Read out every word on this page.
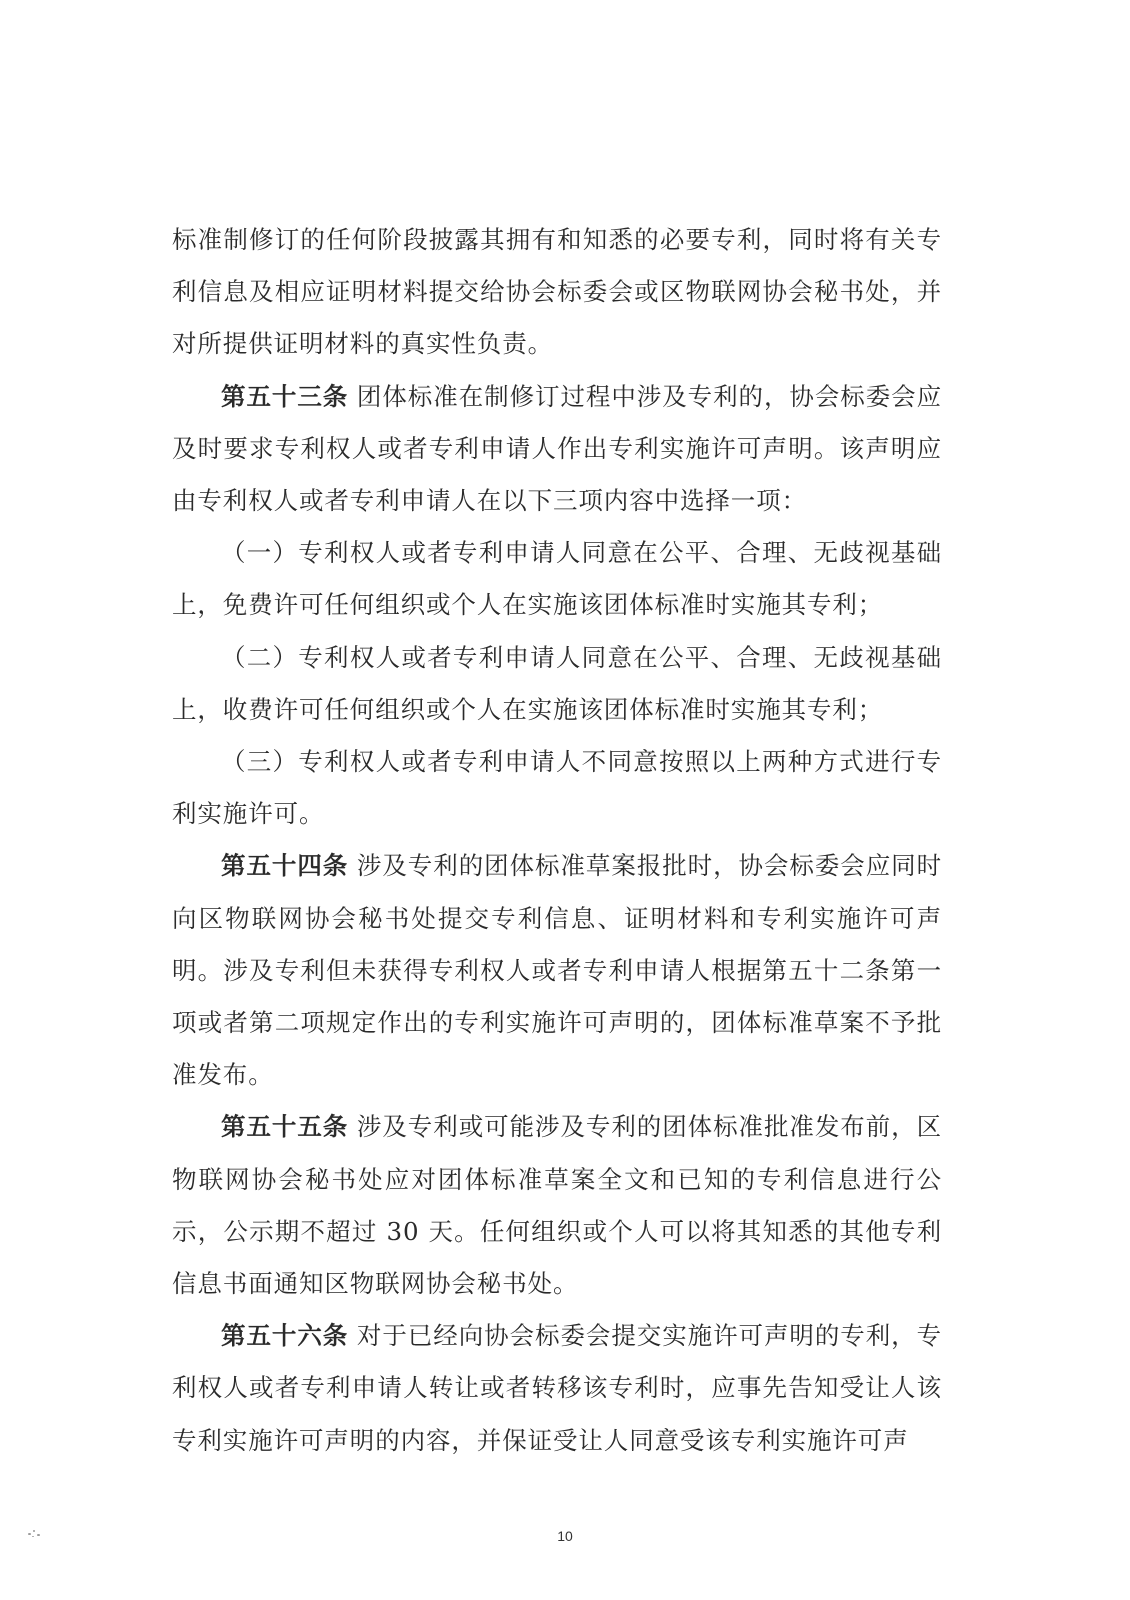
标准制修订的任何阶段披露其拥有和知悉的必要专利，同时将有关专利信息及相应证明材料提交给协会标委会或区物联网协会秘书处，并对所提供证明材料的真实性负责。

第五十三条 团体标准在制修订过程中涉及专利的，协会标委会应及时要求专利权人或者专利申请人作出专利实施许可声明。该声明应由专利权人或者专利申请人在以下三项内容中选择一项：

（一）专利权人或者专利申请人同意在公平、合理、无歧视基础上，免费许可任何组织或个人在实施该团体标准时实施其专利；

（二）专利权人或者专利申请人同意在公平、合理、无歧视基础上，收费许可任何组织或个人在实施该团体标准时实施其专利；

（三）专利权人或者专利申请人不同意按照以上两种方式进行专利实施许可。

第五十四条 涉及专利的团体标准草案报批时，协会标委会应同时向区物联网协会秘书处提交专利信息、证明材料和专利实施许可声明。涉及专利但未获得专利权人或者专利申请人根据第五十二条第一项或者第二项规定作出的专利实施许可声明的，团体标准草案不予批准发布。

第五十五条 涉及专利或可能涉及专利的团体标准批准发布前，区物联网协会秘书处应对团体标准草案全文和已知的专利信息进行公示，公示期不超过 30 天。任何组织或个人可以将其知悉的其他专利信息书面通知区物联网协会秘书处。

第五十六条 对于已经向协会标委会提交实施许可声明的专利，专利权人或者专利申请人转让或者转移该专利时，应事先告知受让人该专利实施许可声明的内容，并保证受让人同意受该专利实施许可声

10
